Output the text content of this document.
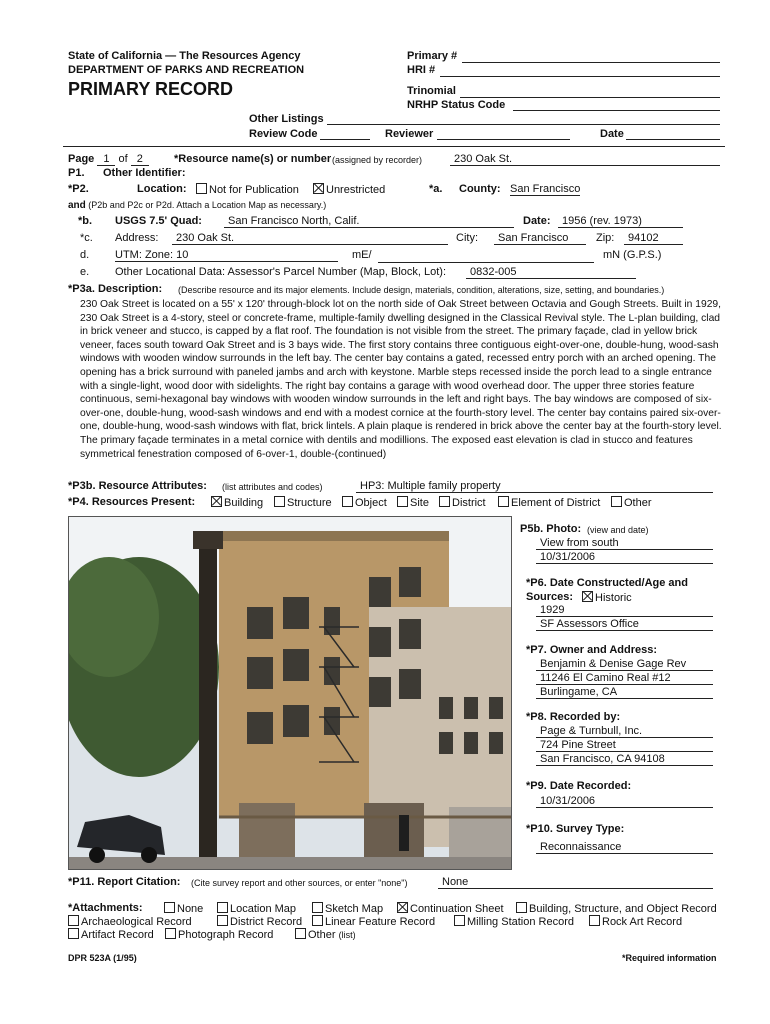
State of California — The Resources Agency
DEPARTMENT OF PARKS AND RECREATION
PRIMARY RECORD
Primary #
HRI #
Trinomial
NRHP Status Code
Other Listings
Review Code	Reviewer	Date
Page 1 of 2	*Resource name(s) or number (assigned by recorder)	230 Oak St.
P1. Other Identifier:
*P2.	Location:	Not for Publication	Unrestricted	*a. County: San Francisco
and (P2b and P2c or P2d. Attach a Location Map as necessary.)
*b. USGS 7.5' Quad:	San Francisco North, Calif.	Date:	1956 (rev. 1973)
*c. Address:	230 Oak St.	City:	San Francisco	Zip:	94102
d. UTM: Zone: 10	mE/	mN (G.P.S.)
e. Other Locational Data: Assessor's Parcel Number (Map, Block, Lot):	0832-005
*P3a. Description: (Describe resource and its major elements. Include design, materials, condition, alterations, size, setting, and boundaries.)
230 Oak Street is located on a 55' x 120' through-block lot on the north side of Oak Street between Octavia and Gough Streets. Built in 1929, 230 Oak Street is a 4-story, steel or concrete-frame, multiple-family dwelling designed in the Classical Revival style. The L-plan building, clad in brick veneer and stucco, is capped by a flat roof. The foundation is not visible from the street. The primary façade, clad in yellow brick veneer, faces south toward Oak Street and is 3 bays wide. The first story contains three contiguous eight-over-one, double-hung, wood-sash windows with wooden window surrounds in the left bay. The center bay contains a gated, recessed entry porch with an arched opening. The opening has a brick surround with paneled jambs and arch with keystone. Marble steps recessed inside the porch lead to a single entrance with a single-light, wood door with sidelights. The right bay contains a garage with wood overhead door. The upper three stories feature continuous, semi-hexagonal bay windows with wooden window surrounds in the left and right bays. The bay windows are composed of six-over-one, double-hung, wood-sash windows and end with a modest cornice at the fourth-story level. The center bay contains paired six-over-one, double-hung, wood-sash windows with flat, brick lintels. A plain plaque is rendered in brick above the center bay at the fourth-story level. The primary façade terminates in a metal cornice with dentils and modillions. The exposed east elevation is clad in stucco and features symmetrical fenestration composed of 6-over-1, double-(continued)
*P3b. Resource Attributes: (list attributes and codes)	HP3: Multiple family property
*P4. Resources Present:	Building	Structure	Object	Site	District	Element of District	Other
P5b. Photo: (view and date)
View from south
10/31/2006
*P6. Date Constructed/Age and
Sources:	Historic
1929
SF Assessors Office
*P7. Owner and Address:
Benjamin & Denise Gage Rev
11246 El Camino Real #12
Burlingame, CA
*P8. Recorded by:
Page & Turnbull, Inc.
724 Pine Street
San Francisco, CA 94108
*P9. Date Recorded:
10/31/2006
*P10. Survey Type:
Reconnaissance
*P11. Report Citation: (Cite survey report and other sources, or enter "none")	None
*Attachments:	None	Location Map	Sketch Map	Continuation Sheet	Building, Structure, and Object Record
Archaeological Record	District Record	Linear Feature Record	Milling Station Record	Rock Art Record
Artifact Record	Photograph Record	Other (list)
DPR 523A (1/95)	*Required information
